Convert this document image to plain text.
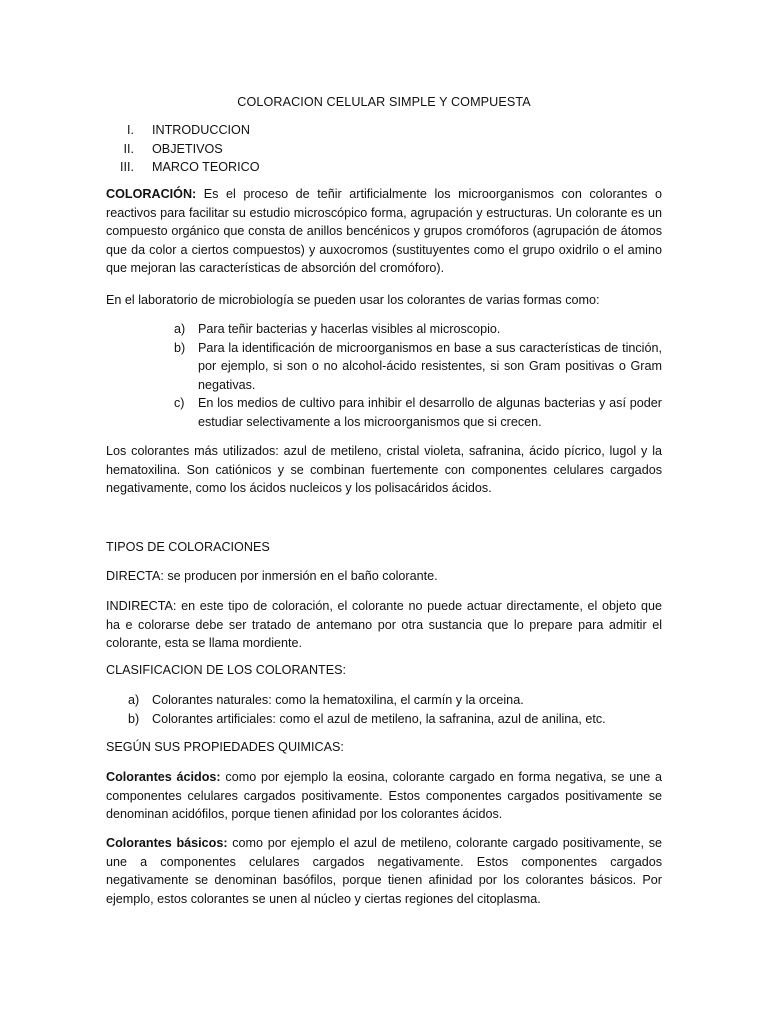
COLORACION CELULAR SIMPLE Y COMPUESTA
I. INTRODUCCION
II. OBJETIVOS
III. MARCO TEORICO
COLORACIÓN: Es el proceso de teñir artificialmente los microorganismos con colorantes o reactivos para facilitar su estudio microscópico forma, agrupación y estructuras. Un colorante es un compuesto orgánico que consta de anillos bencénicos y grupos cromóforos (agrupación de átomos que da color a ciertos compuestos) y auxocromos (sustituyentes como el grupo oxidrilo o el amino que mejoran las características de absorción del cromóforo).
En el laboratorio de microbiología se pueden usar los colorantes de varias formas como:
a) Para teñir bacterias y hacerlas visibles al microscopio.
b) Para la identificación de microorganismos en base a sus características de tinción, por ejemplo, si son o no alcohol-ácido resistentes, si son Gram positivas o Gram negativas.
c) En los medios de cultivo para inhibir el desarrollo de algunas bacterias y así poder estudiar selectivamente a los microorganismos que si crecen.
Los colorantes más utilizados: azul de metileno, cristal violeta, safranina, ácido pícrico, lugol y la hematoxilina. Son catiónicos y se combinan fuertemente con componentes celulares cargados negativamente, como los ácidos nucleicos y los polisacáridos ácidos.
TIPOS DE COLORACIONES
DIRECTA: se producen por inmersión en el baño colorante.
INDIRECTA: en este tipo de coloración, el colorante no puede actuar directamente, el objeto que ha e colorarse debe ser tratado de antemano por otra sustancia que lo prepare para admitir el colorante, esta se llama mordiente.
CLASIFICACION DE LOS COLORANTES:
a) Colorantes naturales: como la hematoxilina, el carmín y la orceina.
b) Colorantes artificiales: como el azul de metileno, la safranina, azul de anilina, etc.
SEGÚN SUS PROPIEDADES QUIMICAS:
Colorantes ácidos: como por ejemplo la eosina, colorante cargado en forma negativa, se une a componentes celulares cargados positivamente. Estos componentes cargados positivamente se denominan acidófilos, porque tienen afinidad por los colorantes ácidos.
Colorantes básicos: como por ejemplo el azul de metileno, colorante cargado positivamente, se une a componentes celulares cargados negativamente. Estos componentes cargados negativamente se denominan basófilos, porque tienen afinidad por los colorantes básicos. Por ejemplo, estos colorantes se unen al núcleo y ciertas regiones del citoplasma.
